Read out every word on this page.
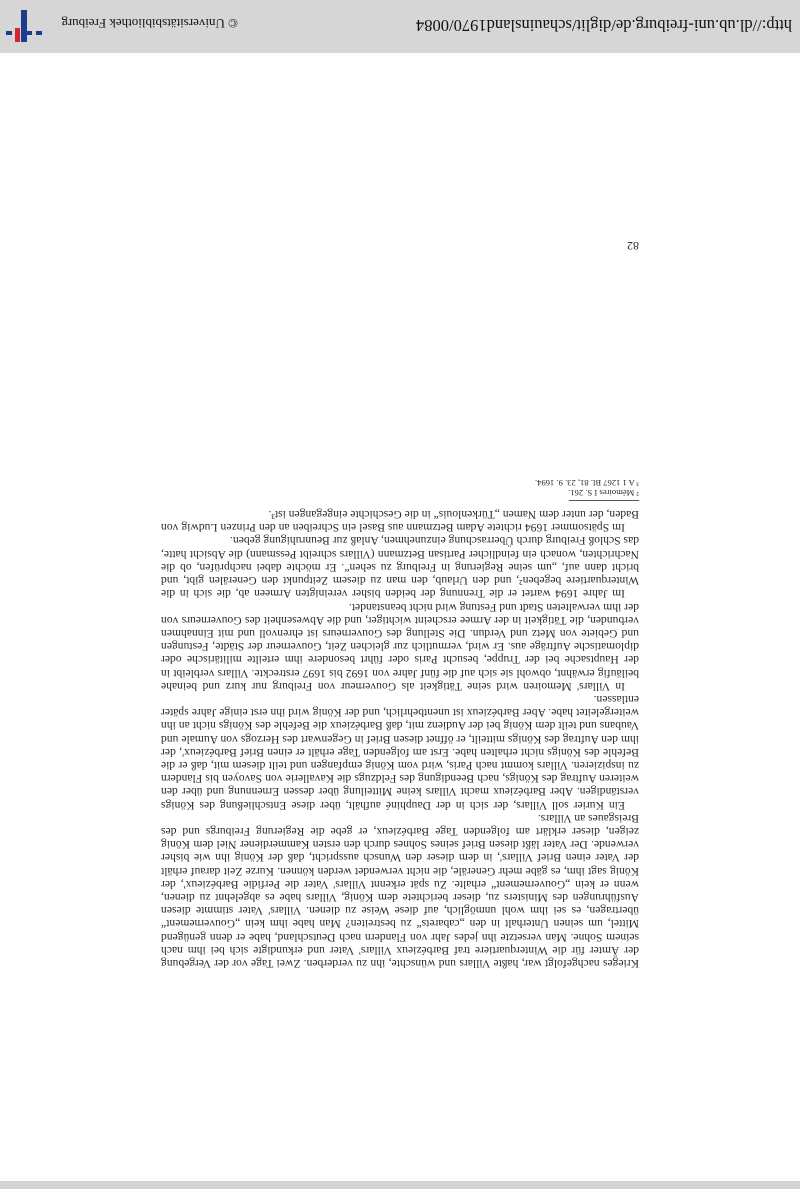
Krieges nachgefolgt war, haßte Villars und wünschte, ihn zu verderben. Zwei Tage vor der Vergebung der Ämter für die Winterquartiere traf Barbézieux Villars' Vater und erkundigte sich bei ihm nach seinem Sohne. Man versetzte ihn jedes Jahr von Flandern nach Deutschland, habe er denn genügend Mittel, um seinen Unterhalt in den „cabarets“ zu bestreiten? Man habe ihm kein „Gouvernement“ übertragen, es sei ihm wohl unmöglich, auf diese Weise zu dienen. Villars' Vater stimmte diesen Ausführungen des Ministers zu, dieser berichtete dem König, Villars habe es abgelehnt zu dienen, wenn er kein „Gouvernement“ erhalte. Zu spät erkennt Villars' Vater die Perfidie Barbézieux', der König sagt ihm, es gäbe mehr Generäle, die nicht verwendet werden können. Kurze Zeit darauf erhält der Vater einen Brief Villars', in dem dieser den Wunsch ausspricht, daß der König ihn wie bisher verwende. Der Vater läßt diesen Brief seines Sohnes durch den ersten Kammerdiener Niel dem König zeigen, dieser erklärt am folgenden Tage Barbézieux, er gebe die Regierung Freiburgs und des Breisgaues an Villars.

Ein Kurier soll Villars, der sich in der Dauphiné aufhält, über diese Entschließung des Königs verständigen. Aber Barbézieux macht Villars keine Mitteilung über dessen Ernennung und über den weiteren Auftrag des Königs, nach Beendigung des Feldzugs die Kavallerie von Savoyen bis Flandern zu inspizieren. Villars kommt nach Paris, wird vom König empfangen und teilt diesem mit, daß er die Befehle des Königs nicht erhalten habe. Erst am folgenden Tage erhält er einen Brief Barbézieux', der ihm den Auftrag des Königs mitteilt, er öffnet diesen Brief in Gegenwart des Herzogs von Aumale und Vaubans und teilt dem König bei der Audienz mit, daß Barbézieux die Befehle des Königs nicht an ihn weitergeleitet habe. Aber Barbézieux ist unentbehrlich, und der König wird ihn erst einige Jahre später entlassen.

In Villars' Memoiren wird seine Tätigkeit als Gouverneur von Freiburg nur kurz und beinahe beiläufig erwähnt, obwohl sie sich auf die fünf Jahre von 1692 bis 1697 erstreckte. Villars verbleibt in der Hauptsache bei der Truppe, besucht Paris oder führt besondere ihm erteilte militärische oder diplomatische Aufträge aus. Er wird, vermutlich zur gleichen Zeit, Gouverneur der Städte, Festungen und Gebiete von Metz und Verdun. Die Stellung des Gouverneurs ist ehrenvoll und mit Einnahmen verbunden, die Tätigkeit in der Armee erscheint wichtiger, und die Abwesenheit des Gouverneurs von der ihm verwalteten Stadt und Festung wird nicht beanstandet.

Im Jahre 1694 wartet er die Trennung der beiden bisher vereinigten Armeen ab, die sich in die Winterquartiere begeben², und den Urlaub, den man zu diesem Zeitpunkt den Generälen gibt, und bricht dann auf, „um seine Regierung in Freiburg zu sehen“. Er möchte dabei nachprüfen, ob die Nachrichten, wonach ein feindlicher Partisan Betzmann (Villars schreibt Pessmann) die Absicht hatte, das Schloß Freiburg durch Überraschung einzunehmen, Anlaß zur Beunruhigung geben.

Im Spätsommer 1694 richtete Adam Betzmann aus Basel ein Schreiben an den Prinzen Ludwig von Baden, der unter dem Namen „Türkenlouis“ in die Geschichte eingegangen ist³.

² Mémoires I S. 261.

³ A 1 1267 Bl. 81, 23. 9. 1694.

82
http://dl.ub.uni-freiburg.de/diglit/schauinsland1970/0084
© Universitätsbibliothek Freiburg
